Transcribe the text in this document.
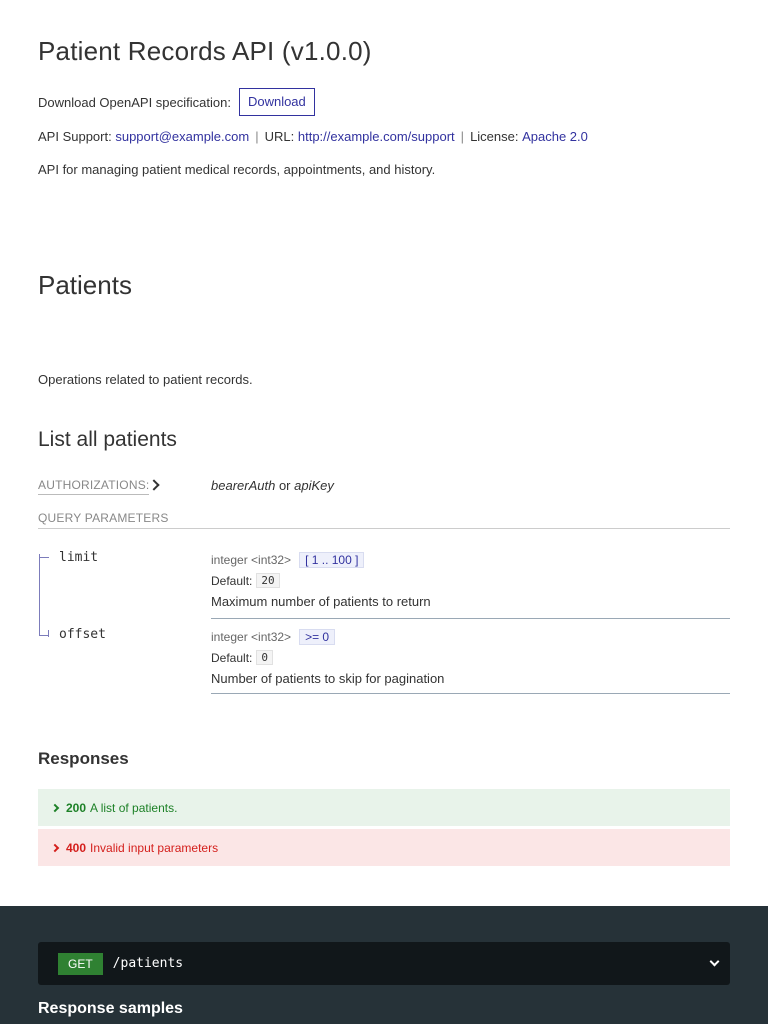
Patient Records API (v1.0.0)
Download OpenAPI specification:	Download
API Support:
support@example.com | URL:
http://example.com/support | License:
Apache 2.0

API for managing patient medical records, appointments, and history.

Patients

Operations related to patient records.

List all patients
AUTHORIZATIONS:	bearerAuth or apiKey
QUERY PARAMETERS
limit	integer <int32>	[ 1 .. 100 ]
Default: 20
Maximum number of patients to return
offset	integer <int32>	>= 0
Default: 0
Number of patients to skip for pagination
Responses
200 A list of patients.
400 Invalid input parameters
GET	/patients
Response samples
